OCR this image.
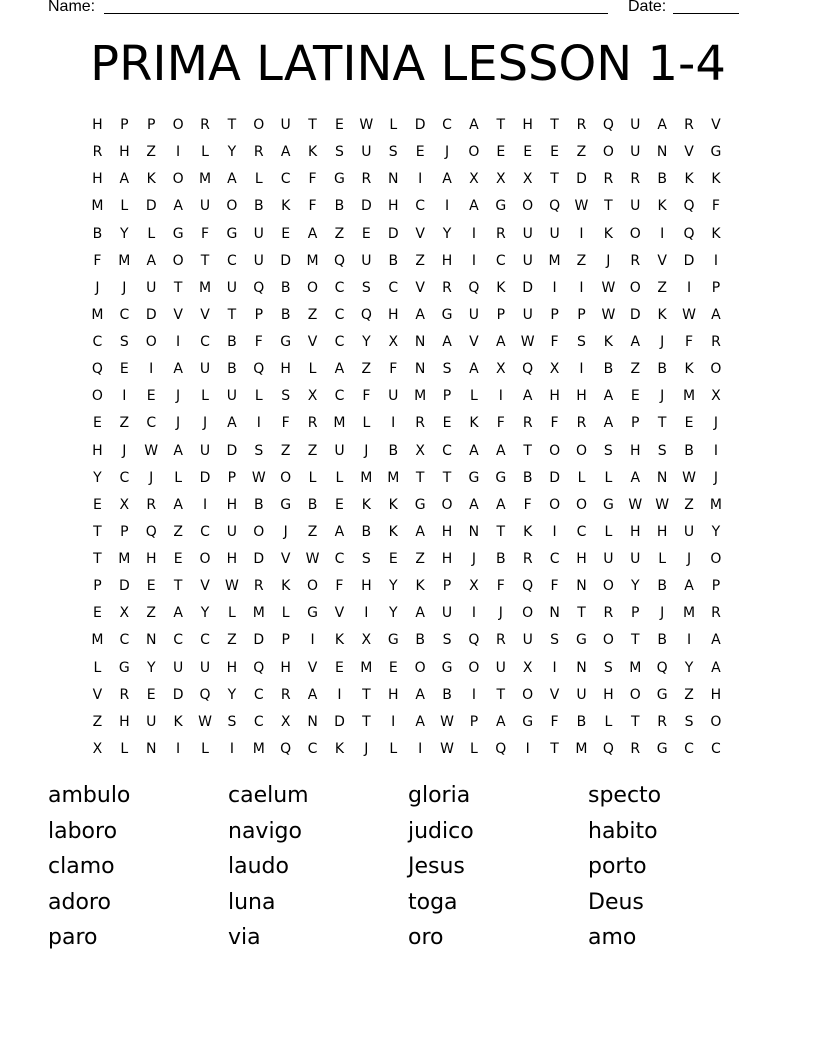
Name:	Date:
PRIMA LATINA LESSON 1-4
H	P	P	O	R	T	O	U	T	E	W	L	D	C	A	T	H	T	R	Q	U	A	R	V
R	H	Z	I	L	Y	R	A	K	S	U	S	E	J	O	E	E	E	Z	O	U	N	V	G
H	A	K	O	M	A	L	C	F	G	R	N	I	A	X	X	X	T	D	R	R	B	K	K
M	L	D	A	U	O	B	K	F	B	D	H	C	I	A	G	O	Q	W	T	U	K	Q	F
B	Y	L	G	F	G	U	E	A	Z	E	D	V	Y	I	R	U	U	I	K	O	I	Q	K
F	M	A	O	T	C	U	D	M	Q	U	B	Z	H	I	C	U	M	Z	J	R	V	D	I
J	J	U	T	M	U	Q	B	O	C	S	C	V	R	Q	K	D	I	I	W	O	Z	I	P
M	C	D	V	V	T	P	B	Z	C	Q	H	A	G	U	P	U	P	P	W	D	K	W	A
C	S	O	I	C	B	F	G	V	C	Y	X	N	A	V	A	W	F	S	K	A	J	F	R
Q	E	I	A	U	B	Q	H	L	A	Z	F	N	S	A	X	Q	X	I	B	Z	B	K	O
O	I	E	J	L	U	L	S	X	C	F	U	M	P	L	I	A	H	H	A	E	J	M	X
E	Z	C	J	J	A	I	F	R	M	L	I	R	E	K	F	R	F	R	A	P	T	E	J
H	J	W	A	U	D	S	Z	Z	U	J	B	X	C	A	A	T	O	O	S	H	S	B	I
Y	C	J	L	D	P	W	O	L	L	M	M	T	T	G	G	B	D	L	L	A	N	W	J
E	X	R	A	I	H	B	G	B	E	K	K	G	O	A	A	F	O	O	G	W W	Z	M
T	P	Q	Z	C	U	O	J	Z	A	B	K	A	H	N	T	K	I	C	L	H	H	U	Y
T	M	H	E	O	H	D	V	W	C	S	E	Z	H	J	B	R	C	H	U	U	L	J	O
P	D	E	T	V	W	R	K	O	F	H	Y	K	P	X	F	Q	F	N	O	Y	B	A	P
E	X	Z	A	Y	L	M	L	G	V	I	Y	A	U	I	J	O	N	T	R	P	J	M	R
M	C	N	C	C	Z	D	P	I	K	X	G	B	S	Q	R	U	S	G	O	T	B	I	A
L	G	Y	U	U	H	Q	H	V	E	M	E	O	G	O	U	X	I	N	S	M	Q	Y	A
V	R	E	D	Q	Y	C	R	A	I	T	H	A	B	I	T	O	V	U	H	O	G	Z	H
Z	H	U	K	W	S	C	X	N	D	T	I	A	W	P	A	G	F	B	L	T	R	S	O
X	L	N	I	L	I	M	Q	C	K	J	L	I	W	L	Q	I	T	M	Q	R	G	C	C
ambulo	caelum	gloria	specto
laboro	navigo	judico	habito
clamo	laudo	Jesus	porto
adoro	luna	toga	Deus
paro	via	oro	amo
